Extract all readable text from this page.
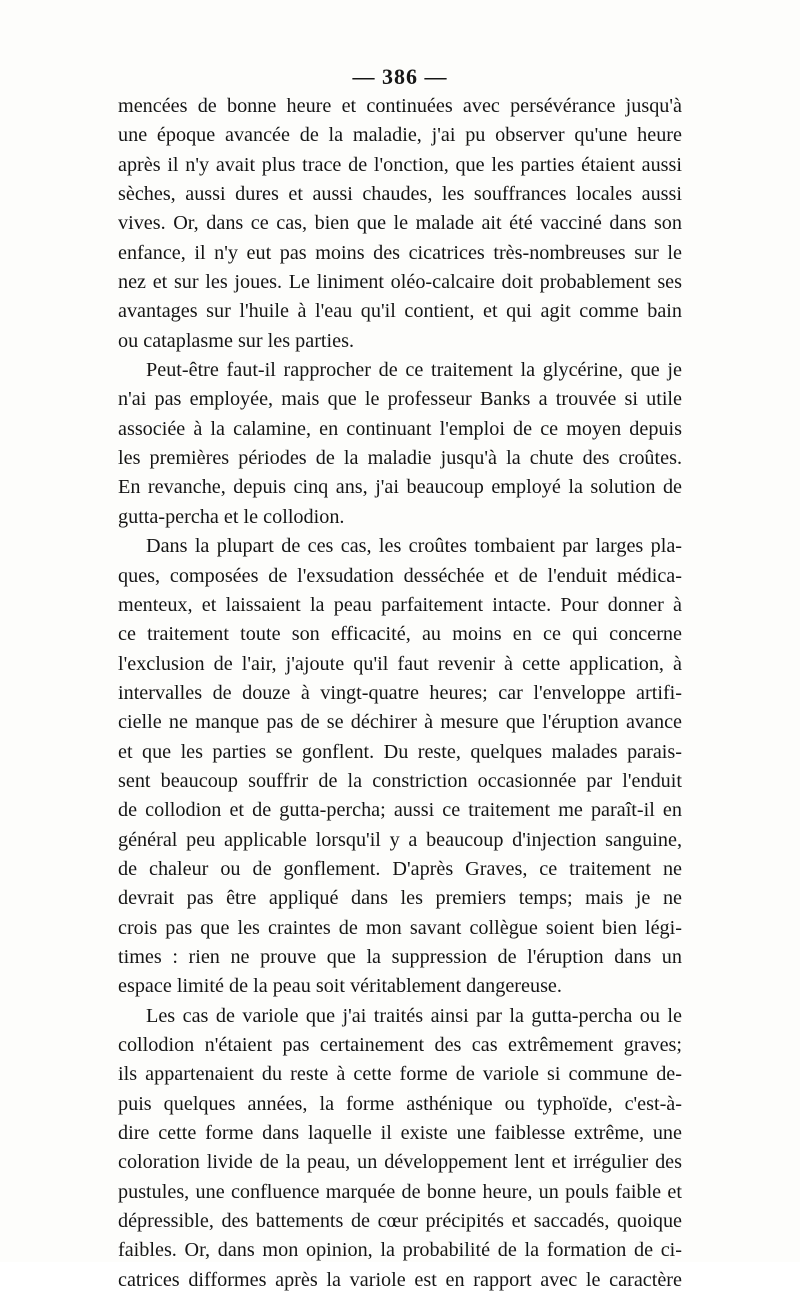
— 386 —
mencées de bonne heure et continuées avec persévérance jusqu'à
une époque avancée de la maladie, j'ai pu observer qu'une heure
après il n'y avait plus trace de l'onction, que les parties étaient aussi
sèches, aussi dures et aussi chaudes, les souffrances locales aussi
vives. Or, dans ce cas, bien que le malade ait été vacciné dans son
enfance, il n'y eut pas moins des cicatrices très-nombreuses sur le
nez et sur les joues. Le liniment oléo-calcaire doit probablement ses
avantages sur l'huile à l'eau qu'il contient, et qui agit comme bain
ou cataplasme sur les parties.
Peut-être faut-il rapprocher de ce traitement la glycérine, que je
n'ai pas employée, mais que le professeur Banks a trouvée si utile
associée à la calamine, en continuant l'emploi de ce moyen depuis
les premières périodes de la maladie jusqu'à la chute des croûtes.
En revanche, depuis cinq ans, j'ai beaucoup employé la solution de
gutta-percha et le collodion.
Dans la plupart de ces cas, les croûtes tombaient par larges pla-
ques, composées de l'exsudation desséchée et de l'enduit médica-
menteux, et laissaient la peau parfaitement intacte. Pour donner à
ce traitement toute son efficacité, au moins en ce qui concerne
l'exclusion de l'air, j'ajoute qu'il faut revenir à cette application, à
intervalles de douze à vingt-quatre heures; car l'enveloppe artifi-
cielle ne manque pas de se déchirer à mesure que l'éruption avance
et que les parties se gonflent. Du reste, quelques malades parais-
sent beaucoup souffrir de la constriction occasionnée par l'enduit
de collodion et de gutta-percha; aussi ce traitement me paraît-il en
général peu applicable lorsqu'il y a beaucoup d'injection sanguine,
de chaleur ou de gonflement. D'après Graves, ce traitement ne
devrait pas être appliqué dans les premiers temps; mais je ne
crois pas que les craintes de mon savant collègue soient bien légi-
times : rien ne prouve que la suppression de l'éruption dans un
espace limité de la peau soit véritablement dangereuse.
Les cas de variole que j'ai traités ainsi par la gutta-percha ou le
collodion n'étaient pas certainement des cas extrêmement graves;
ils appartenaient du reste à cette forme de variole si commune de-
puis quelques années, la forme asthénique ou typhoïde, c'est-à-
dire cette forme dans laquelle il existe une faiblesse extrême, une
coloration livide de la peau, un développement lent et irrégulier des
pustules, une confluence marquée de bonne heure, un pouls faible et
dépressible, des battements de cœur précipités et saccadés, quoique
faibles. Or, dans mon opinion, la probabilité de la formation de ci-
catrices difformes après la variole est en rapport avec le caractère
